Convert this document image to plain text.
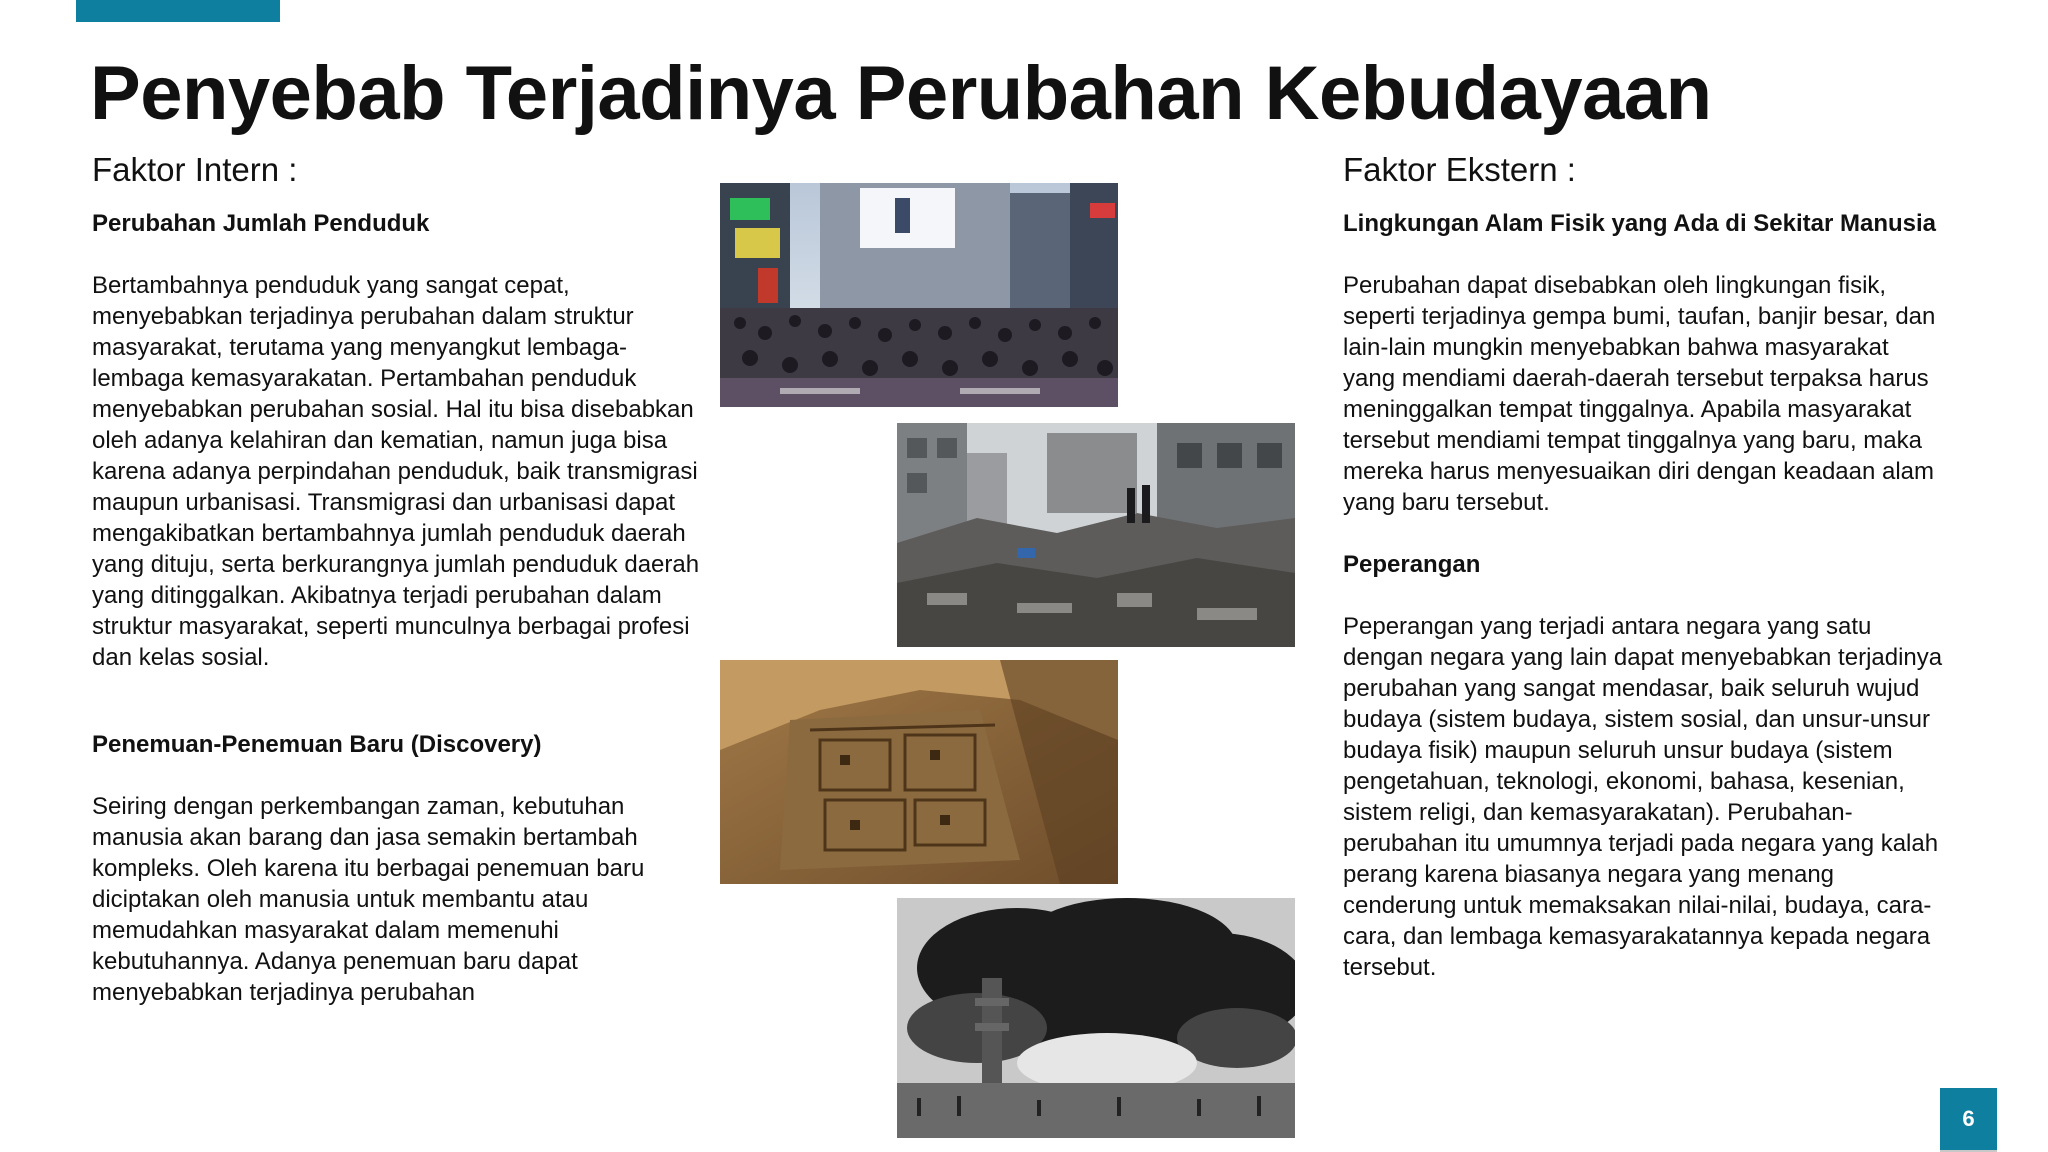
Penyebab Terjadinya Perubahan Kebudayaan
Faktor Intern :
Perubahan Jumlah Penduduk

Bertambahnya penduduk yang sangat cepat, menyebabkan terjadinya perubahan dalam struktur masyarakat, terutama yang menyangkut lembaga-lembaga kemasyarakatan. Pertambahan penduduk menyebabkan perubahan sosial. Hal itu bisa disebabkan oleh adanya kelahiran dan kematian, namun juga bisa karena adanya perpindahan penduduk, baik transmigrasi maupun urbanisasi. Transmigrasi dan urbanisasi dapat mengakibatkan bertambahnya jumlah penduduk daerah yang dituju, serta berkurangnya jumlah penduduk daerah yang ditinggalkan. Akibatnya terjadi perubahan dalam struktur masyarakat, seperti munculnya berbagai profesi dan kelas sosial.

Penemuan-Penemuan Baru (Discovery)

Seiring dengan perkembangan zaman, kebutuhan manusia akan barang dan jasa semakin bertambah kompleks. Oleh karena itu berbagai penemuan baru diciptakan oleh manusia untuk membantu atau memudahkan masyarakat dalam memenuhi kebutuhannya. Adanya penemuan baru dapat menyebabkan terjadinya perubahan

Faktor Ekstern :
Lingkungan Alam Fisik yang Ada di Sekitar Manusia

Perubahan dapat disebabkan oleh lingkungan fisik, seperti terjadinya gempa bumi, taufan, banjir besar, dan lain-lain mungkin menyebabkan bahwa masyarakat yang mendiami daerah-daerah tersebut terpaksa harus meninggalkan tempat tinggalnya. Apabila masyarakat tersebut mendiami tempat tinggalnya yang baru, maka mereka harus menyesuaikan diri dengan keadaan alam yang baru tersebut.

Peperangan

Peperangan yang terjadi antara negara yang satu dengan negara yang lain dapat menyebabkan terjadinya perubahan yang sangat mendasar, baik seluruh wujud budaya (sistem budaya, sistem sosial, dan unsur-unsur budaya fisik) maupun seluruh unsur budaya (sistem pengetahuan, teknologi, ekonomi, bahasa, kesenian, sistem religi, dan kemasyarakatan). Perubahan-perubahan itu umumnya terjadi pada negara yang kalah perang karena biasanya negara yang menang cenderung untuk memaksakan nilai-nilai, budaya, cara-cara, dan lembaga kemasyarakatannya kepada negara tersebut.

6
